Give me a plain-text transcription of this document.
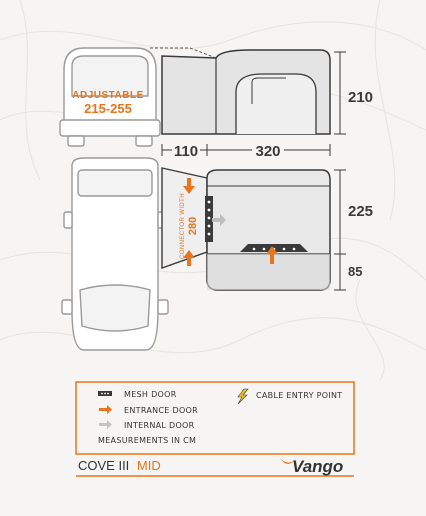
ADJUSTABLE
215-255
210
110	320
CONNECTOR WIDTH 280
225
85
MESH DOOR
ENTRANCE DOOR
INTERNAL DOOR
MEASUREMENTS IN CM
CABLE ENTRY POINT
COVE III MID	Vango
